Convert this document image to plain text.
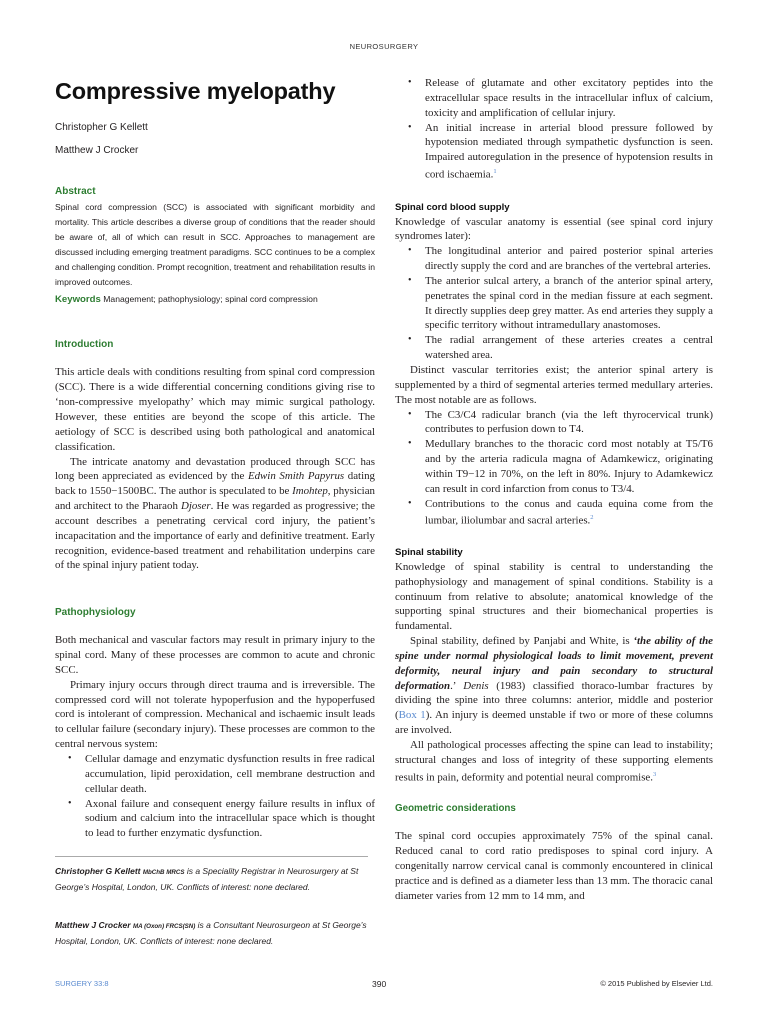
NEUROSURGERY
Compressive myelopathy

Christopher G Kellett

Matthew J Crocker

Abstract

Spinal cord compression (SCC) is associated with significant morbidity and mortality. This article describes a diverse group of conditions that the reader should be aware of, all of which can result in SCC. Approaches to management are discussed including emerging treatment paradigms. SCC continues to be a complex and challenging condition. Prompt recognition, treatment and rehabilitation results in improved outcomes.

Keywords Management; pathophysiology; spinal cord compression

Introduction

This article deals with conditions resulting from spinal cord compression (SCC). There is a wide differential concerning conditions giving rise to ‘non-compressive myelopathy’ which may mimic surgical pathology. However, these entities are beyond the scope of this article. The aetiology of SCC is described using both pathological and anatomical classification.

The intricate anatomy and devastation produced through SCC has long been appreciated as evidenced by the Edwin Smith Papyrus dating back to 1550−1500BC. The author is speculated to be Imohtep, physician and architect to the Pharaoh Djoser. He was regarded as progressive; the account describes a penetrating cervical cord injury, the patient’s incapacitation and the importance of early and definitive treatment. Early recognition, evidence-based treatment and rehabilitation underpins care of the spinal injury patient today.

Pathophysiology

Both mechanical and vascular factors may result in primary injury to the spinal cord. Many of these processes are common to acute and chronic SCC.

Primary injury occurs through direct trauma and is irreversible. The compressed cord will not tolerate hypoperfusion and the hypoperfused cord is intolerant of compression. Mechanical and ischaemic insult leads to cellular failure (secondary injury). These processes are common to the central nervous system:

• Cellular damage and enzymatic dysfunction results in free radical accumulation, lipid peroxidation, cell membrane destruction and cellular death.
• Axonal failure and consequent energy failure results in influx of sodium and calcium into the intracellular space which is thought to lead to further enzymatic dysfunction.
Christopher G Kellett MbChB MRCS is a Speciality Registrar in Neurosurgery at St George’s Hospital, London, UK. Conflicts of interest: none declared.
Matthew J Crocker MA (Oxon) FRCS(SN) is a Consultant Neurosurgeon at St George’s Hospital, London, UK. Conflicts of interest: none declared.
• Release of glutamate and other excitatory peptides into the extracellular space results in the intracellular influx of calcium, toxicity and amplification of cellular injury.
• An initial increase in arterial blood pressure followed by hypotension mediated through sympathetic dysfunction is seen. Impaired autoregulation in the presence of hypotension results in cord ischaemia.$^1$
Spinal cord blood supply

Knowledge of vascular anatomy is essential (see spinal cord injury syndromes later):

• The longitudinal anterior and paired posterior spinal arteries directly supply the cord and are branches of the vertebral arteries.
• The anterior sulcal artery, a branch of the anterior spinal artery, penetrates the spinal cord in the median fissure at each segment. It directly supplies deep grey matter. As end arteries they supply a specific territory without intramedullary anastomoses.
• The radial arrangement of these arteries creates a central watershed area.

Distinct vascular territories exist; the anterior spinal artery is supplemented by a third of segmental arteries termed medullary arteries. The most notable are as follows.

• The C3/C4 radicular branch (via the left thyrocervical trunk) contributes to perfusion down to T4.
• Medullary branches to the thoracic cord most notably at T5/T6 and by the arteria radicula magna of Adamkewicz, originating within T9−12 in 70%, on the left in 80%. Injury to Adamkewicz can result in cord infarction from conus to T3/4.
• Contributions to the conus and cauda equina come from the lumbar, iliolumbar and sacral arteries.$^2$
Spinal stability

Knowledge of spinal stability is central to understanding the pathophysiology and management of spinal conditions. Stability is a continuum from relative to absolute; anatomical knowledge of the supporting spinal structures and their biomechanical properties is fundamental.

Spinal stability, defined by Panjabi and White, is ‘the ability of the spine under normal physiological loads to limit movement, prevent deformity, neural injury and pain secondary to structural deformation.’ Denis (1983) classified thoraco-lumbar fractures by dividing the spine into three columns: anterior, middle and posterior (Box 1). An injury is deemed unstable if two or more of these columns are involved.

All pathological processes affecting the spine can lead to instability; structural changes and loss of integrity of these supporting elements results in pain, deformity and potential neural compromise.$^3$

Geometric considerations

The spinal cord occupies approximately 75% of the spinal canal. Reduced canal to cord ratio predisposes to spinal cord injury. A congenitally narrow cervical canal is commonly encountered in clinical practice and is defined as a diameter less than 13 mm. The thoracic canal diameter varies from 12 mm to 14 mm, and

SURGERY 33:8	390	© 2015 Published by Elsevier Ltd.
